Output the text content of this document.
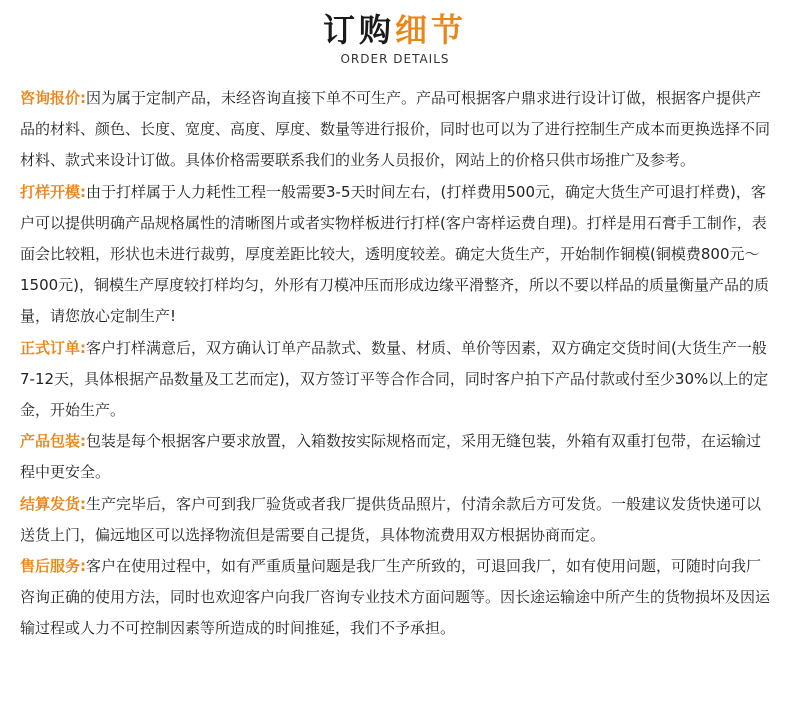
订购细节
ORDER DETAILS

咨询报价:因为属于定制产品，未经咨询直接下单不可生产。产品可根据客户鼎求进行设计订做，根据客户提供产品的材料、颜色、长度、宽度、高度、厚度、数量等进行报价，同时也可以为了进行控制生产成本而更换选择不同材料、款式来设计订做。具体价格需要联系我们的业务人员报价，网站上的价格只供市场推广及参考。

打样开模:由于打样属于人力耗性工程一般需要3-5天时间左右，(打样费用500元，确定大货生产可退打样费)，客户可以提供明确产品规格属性的清晰图片或者实物样板进行打样(客户寄样运费自理)。打样是用石膏手工制作，表面会比较粗，形状也未进行裁剪，厚度差距比较大，透明度较差。确定大货生产，开始制作铜模(铜模费800元～1500元)，铜模生产厚度较打样均匀，外形有刀模冲压而形成边缘平滑整齐，所以不要以样品的质量衡量产品的质量，请您放心定制生产!

正式订单:客户打样满意后，双方确认订单产品款式、数量、材质、单价等因素，双方确定交货时间(大货生产一般7-12天，具体根据产品数量及工艺而定)，双方签订平等合作合同，同时客户拍下产品付款或付至少30%以上的定金，开始生产。

产品包装:包装是每个根据客户要求放置，入箱数按实际规格而定，采用无缝包装，外箱有双重打包带，在运输过程中更安全。

结算发货:生产完毕后，客户可到我厂验货或者我厂提供货品照片，付清余款后方可发货。一般建议发货快递可以送货上门，偏远地区可以选择物流但是需要自己提货，具体物流费用双方根据协商而定。

售后服务:客户在使用过程中，如有严重质量问题是我厂生产所致的，可退回我厂，如有使用问题，可随时向我厂咨询正确的使用方法，同时也欢迎客户向我厂咨询专业技术方面问题等。因长途运输途中所产生的货物损坏及因运输过程或人力不可控制因素等所造成的时间推延，我们不予承担。
